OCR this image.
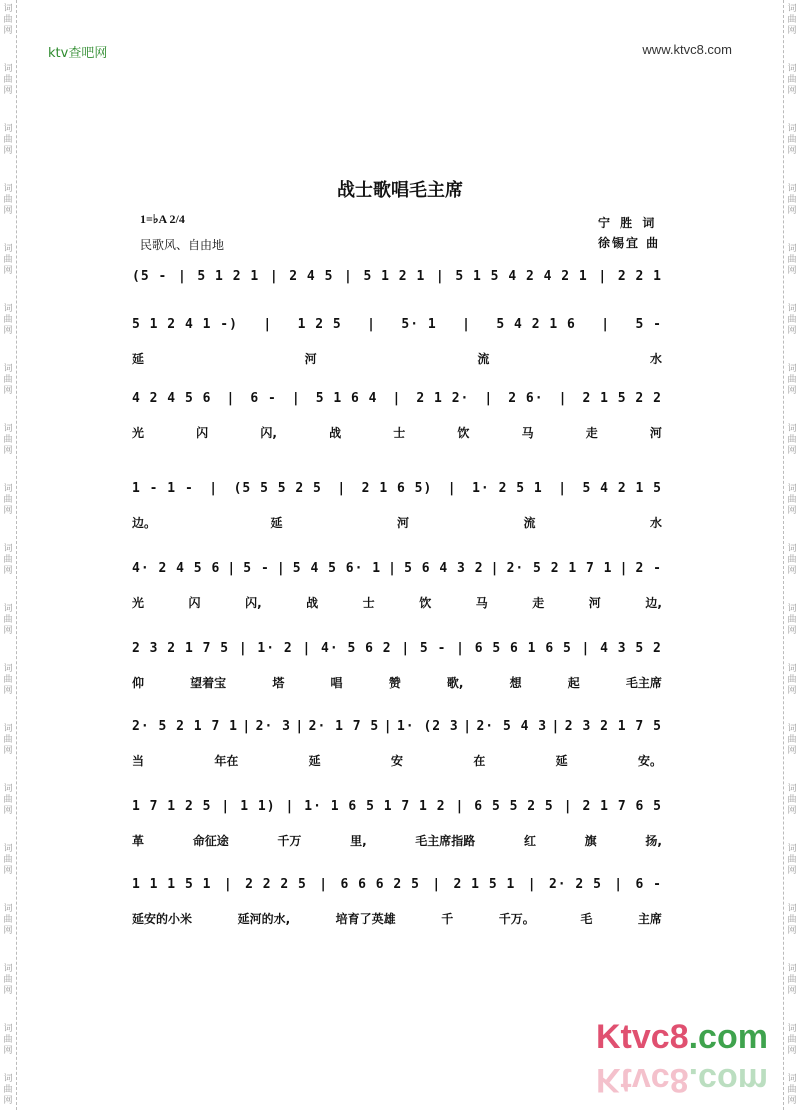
词曲网
词曲网
词曲网
词曲网
词曲网
词曲网
词曲网
词曲网
词曲网
词曲网
词曲网
词曲网
词曲网
词曲网
词曲网
词曲网
词曲网
词曲网
词曲网
词曲网
词曲网
词曲网
词曲网
词曲网
词曲网
词曲网
词曲网
词曲网
词曲网
词曲网
词曲网
词曲网
词曲网
词曲网
词曲网
词曲网
词曲网
词曲网
ktv查吧网	www.ktvc8.com
战士歌唱毛主席
1=♭A 2/4
民歌风、自由地
宁 胜 词
徐锡宜 曲
(5 - | 5 1 2 1 | 2 4 5 | 5 1 2 1 | 5 1 5 4 2 4 2 1 | 2 2 1
5 1 2 4 1 -) | 1 2 5 | 5· 1 | 5 4 2 1 6 | 5 -
延	河	流	水
4 2 4 5 6 | 6 - | 5 1 6 4 | 2 1 2· | 2 6· | 2 1 5 2 2
光	闪	闪,	战	士	饮	马	走	河
1 - 1 - | (5 5 5 2 5 | 2 1 6 5) | 1· 2 5 1 | 5 4 2 1 5
边。	延	河	流	水
4· 2 4 5 6 | 5 - | 5 4 5 6· 1 | 5 6 4 3 2 | 2· 5 2 1 7 1 | 2 -
光	闪	闪,	战	士	饮	马	走	河	边,
2 3 2 1 7 5 | 1· 2 | 4· 5 6 2 | 5 - | 6 5 6 1 6 5 | 4 3 5 2
仰	望着宝	塔	唱	赞	歌,	想	起	毛主席
2· 5 2 1 7 1 | 2· 3 | 2· 1 7 5 | 1· (2 3 | 2· 5 4 3 | 2 3 2 1 7 5
当	年在	延	安	在	延	安。
1 7 1 2 5 | 1 1) | 1· 1 6 5 1 7 1 2 | 6 5 5 2 5 | 2 1 7 6 5
革	命征途	千万	里,	毛主席指路	红	旗	扬,
1 1 1 5 1 | 2 2 2 5 | 6 6 6 2 5 | 2 1 5 1 | 2· 2 5 | 6 -
延安的小米	延河的水,	培育了英雄	千	千万。	毛	主席
Ktvc8.com
Ktvc8.com
